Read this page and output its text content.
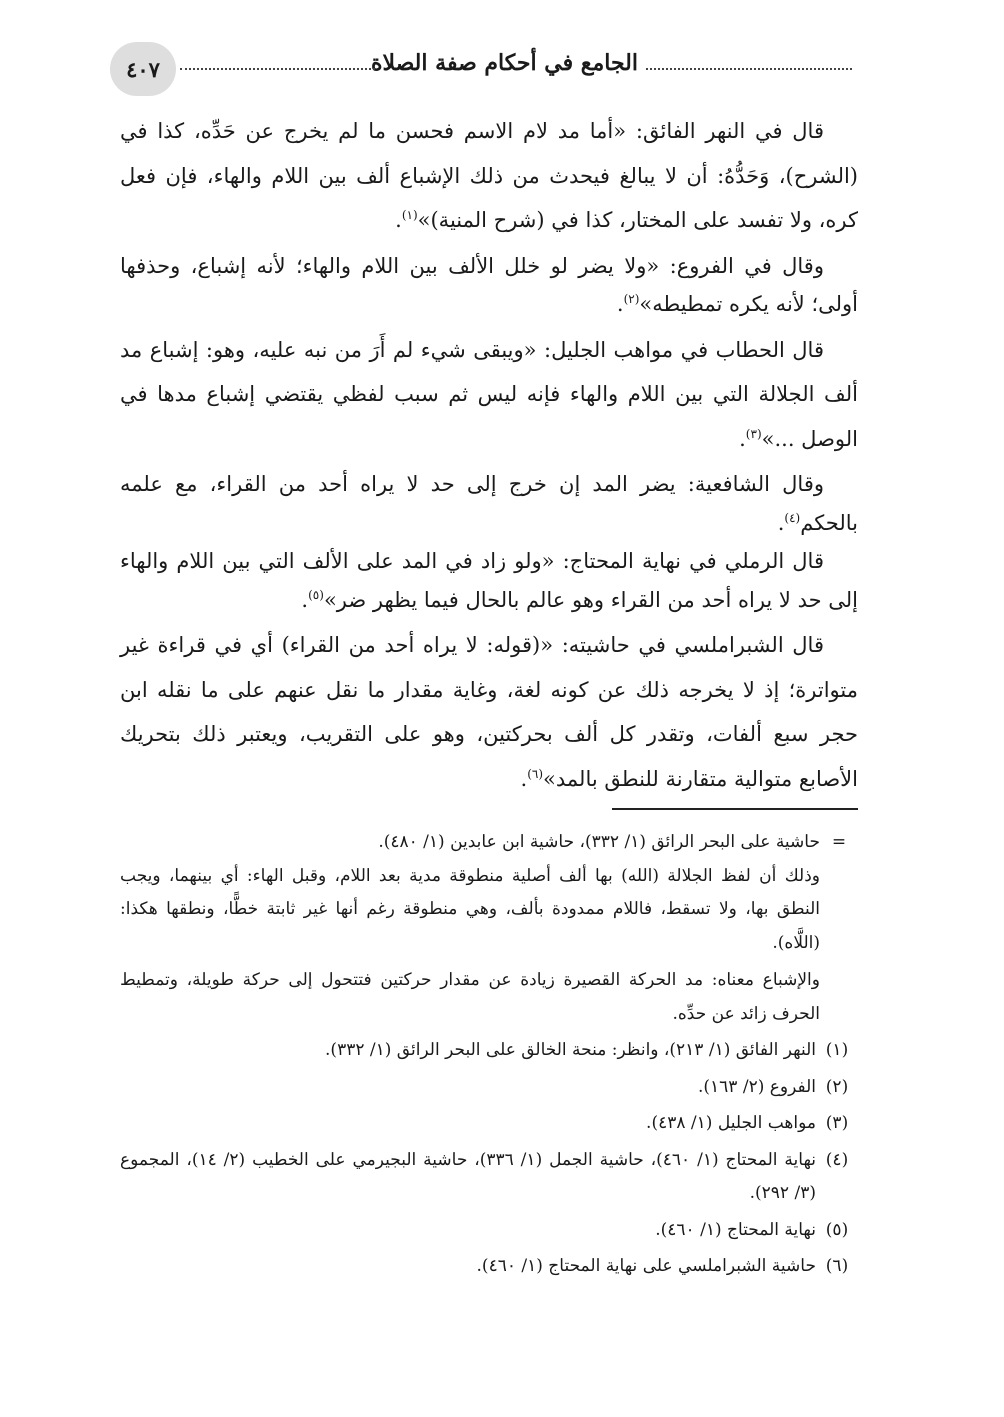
الجامع في أحكام صفة الصلاة
٤٠٧

قال في النهر الفائق: «أما مد لام الاسم فحسن ما لم يخرج عن حَدِّه، كذا في (الشرح)، وَحَدُّهُ: أن لا يبالغ فيحدث من ذلك الإشباع ألف بين اللام والهاء، فإن فعل كره، ولا تفسد على المختار، كذا في (شرح المنية)»$^{(١)}$.

وقال في الفروع: «ولا يضر لو خلل الألف بين اللام والهاء؛ لأنه إشباع، وحذفها أولى؛ لأنه يكره تمطيطه»$^{(٢)}$.

قال الحطاب في مواهب الجليل: «ويبقى شيء لم أَرَ من نبه عليه، وهو: إشباع مد ألف الجلالة التي بين اللام والهاء فإنه ليس ثم سبب لفظي يقتضي إشباع مدها في الوصل ...»$^{(٣)}$.

وقال الشافعية: يضر المد إن خرج إلى حد لا يراه أحد من القراء، مع علمه بالحكم$^{(٤)}$.

قال الرملي في نهاية المحتاج: «ولو زاد في المد على الألف التي بين اللام والهاء إلى حد لا يراه أحد من القراء وهو عالم بالحال فيما يظهر ضر»$^{(٥)}$.

قال الشبراملسي في حاشيته: «(قوله: لا يراه أحد من القراء) أي في قراءة غير متواترة؛ إذ لا يخرجه ذلك عن كونه لغة، وغاية مقدار ما نقل عنهم على ما نقله ابن حجر سبع ألفات، وتقدر كل ألف بحركتين، وهو على التقريب، ويعتبر ذلك بتحريك الأصابع متوالية متقارنة للنطق بالمد»$^{(٦)}$.

=
حاشية على البحر الرائق (١/ ٣٣٢)، حاشية ابن عابدين (١/ ٤٨٠).

وذلك أن لفظ الجلالة (الله) بها ألف أصلية منطوقة مدية بعد اللام، وقبل الهاء: أي بينهما، ويجب النطق بها، ولا تسقط، فاللام ممدودة بألف، وهي منطوقة رغم أنها غير ثابتة خطًّا، ونطقها هكذا: (اللَّاه).

والإشباع معناه: مد الحركة القصيرة زيادة عن مقدار حركتين فتتحول إلى حركة طويلة، وتمطيط الحرف زائد عن حدِّه.

(١)
النهر الفائق (١/ ٢١٣)، وانظر: منحة الخالق على البحر الرائق (١/ ٣٣٢).
(٢)
الفروع (٢/ ١٦٣).
(٣)
مواهب الجليل (١/ ٤٣٨).
(٤)
نهاية المحتاج (١/ ٤٦٠)، حاشية الجمل (١/ ٣٣٦)، حاشية البجيرمي على الخطيب (٢/ ١٤)، المجموع (٣/ ٢٩٢).
(٥)
نهاية المحتاج (١/ ٤٦٠).
(٦)
حاشية الشبراملسي على نهاية المحتاج (١/ ٤٦٠).
